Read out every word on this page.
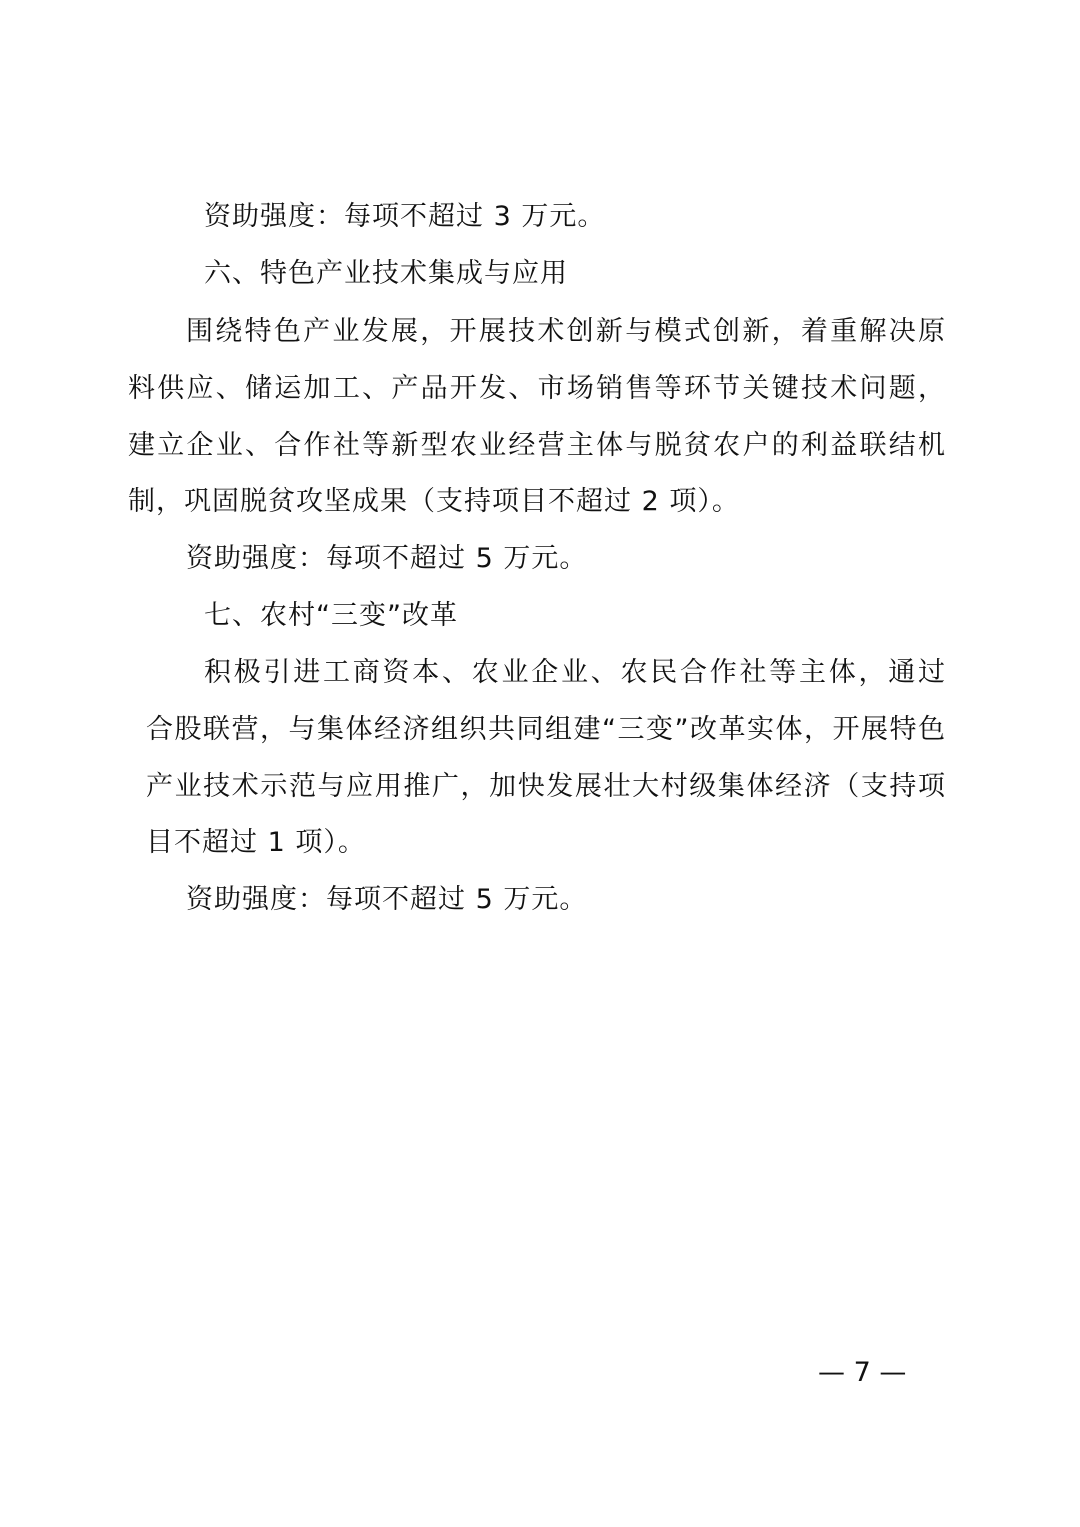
资助强度：每项不超过 3 万元。
六、特色产业技术集成与应用
围绕特色产业发展，开展技术创新与模式创新，着重解决原
料供应、储运加工、产品开发、市场销售等环节关键技术问题，
建立企业、合作社等新型农业经营主体与脱贫农户的利益联结机
制，巩固脱贫攻坚成果（支持项目不超过 2 项）。
资助强度：每项不超过 5 万元。
七、农村“三变”改革
积极引进工商资本、农业企业、农民合作社等主体，通过
合股联营，与集体经济组织共同组建“三变”改革实体，开展特色
产业技术示范与应用推广，加快发展壮大村级集体经济（支持项
目不超过 1 项）。
资助强度：每项不超过 5 万元。
— 7 —
